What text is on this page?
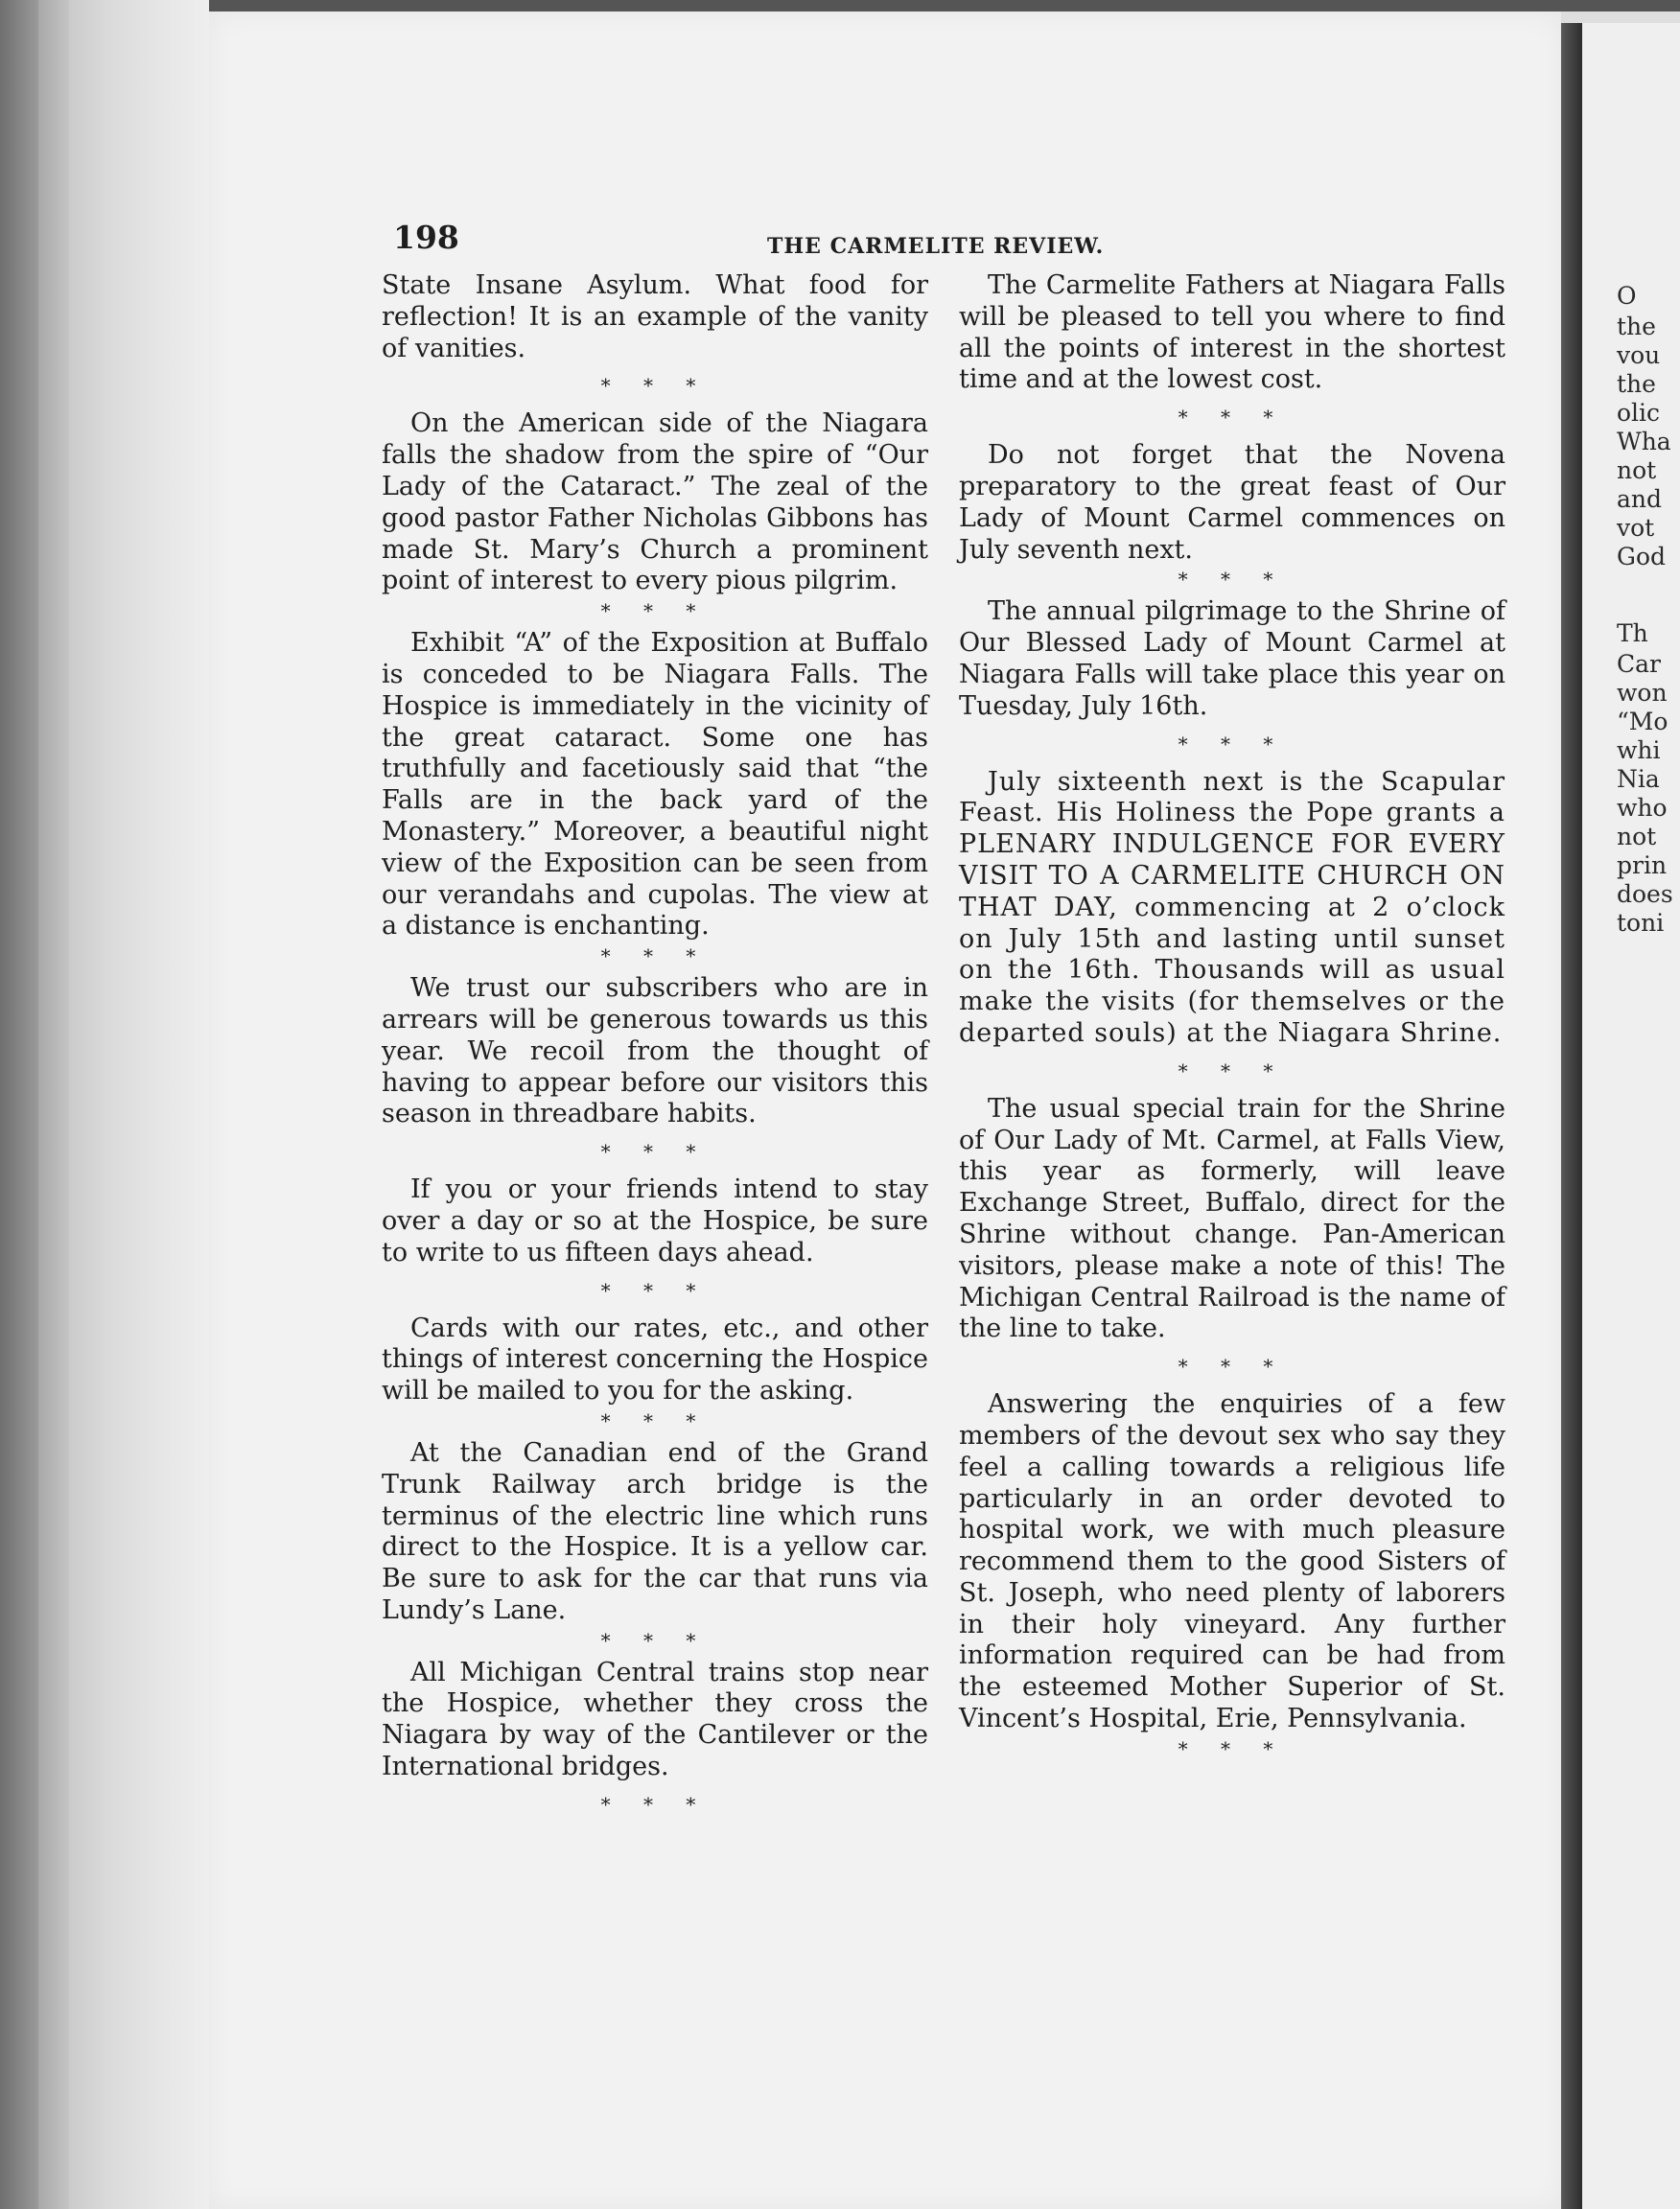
198	THE CARMELITE REVIEW.

State Insane Asylum. What food for reflection! It is an example of the vanity of vanities.

* * *

On the American side of the Niagara falls the shadow from the spire of “Our Lady of the Cataract.” The zeal of the good pastor Father Nicholas Gibbons has made St. Mary’s Church a prominent point of interest to every pious pilgrim.

* * *

Exhibit “A” of the Exposition at Buffalo is conceded to be Niagara Falls. The Hospice is immediately in the vicinity of the great cataract. Some one has truthfully and facetiously said that “the Falls are in the back yard of the Monastery.” Moreover, a beautiful night view of the Exposition can be seen from our verandahs and cupolas. The view at a distance is enchanting.

* * *

We trust our subscribers who are in arrears will be generous towards us this year. We recoil from the thought of having to appear before our visitors this season in threadbare habits.

* * *

If you or your friends intend to stay over a day or so at the Hospice, be sure to write to us fifteen days ahead.

* * *

Cards with our rates, etc., and other things of interest concerning the Hospice will be mailed to you for the asking.

* * *

At the Canadian end of the Grand Trunk Railway arch bridge is the terminus of the electric line which runs direct to the Hospice. It is a yellow car. Be sure to ask for the car that runs via Lundy’s Lane.

* * *

All Michigan Central trains stop near the Hospice, whether they cross the Niagara by way of the Cantilever or the International bridges.

* * *

The Carmelite Fathers at Niagara Falls will be pleased to tell you where to find all the points of interest in the shortest time and at the lowest cost.

* * *

Do not forget that the Novena preparatory to the great feast of Our Lady of Mount Carmel commences on July seventh next.

* * *

The annual pilgrimage to the Shrine of Our Blessed Lady of Mount Carmel at Niagara Falls will take place this year on Tuesday, July 16th.

* * *

July sixteenth next is the Scapular Feast. His Holiness the Pope grants a PLENARY INDULGENCE FOR EVERY VISIT TO A CARMELITE CHURCH ON THAT DAY, commencing at 2 o’clock on July 15th and lasting until sunset on the 16th. Thousands will as usual make the visits (for themselves or the departed souls) at the Niagara Shrine.

* * *

The usual special train for the Shrine of Our Lady of Mt. Carmel, at Falls View, this year as formerly, will leave Exchange Street, Buffalo, direct for the Shrine without change. Pan-American visitors, please make a note of this! The Michigan Central Railroad is the name of the line to take.

* * *

Answering the enquiries of a few members of the devout sex who say they feel a calling towards a religious life particularly in an order devoted to hospital work, we with much pleasure recommend them to the good Sisters of St. Joseph, who need plenty of laborers in their holy vineyard. Any further information required can be had from the esteemed Mother Superior of St. Vincent’s Hospital, Erie, Pennsylvania.

* * *
O
the
vou
the
olic
Wha
not
and
vot
God
Th
Car
won
“Mo
whi
Nia
who
not
prin
does
toni
